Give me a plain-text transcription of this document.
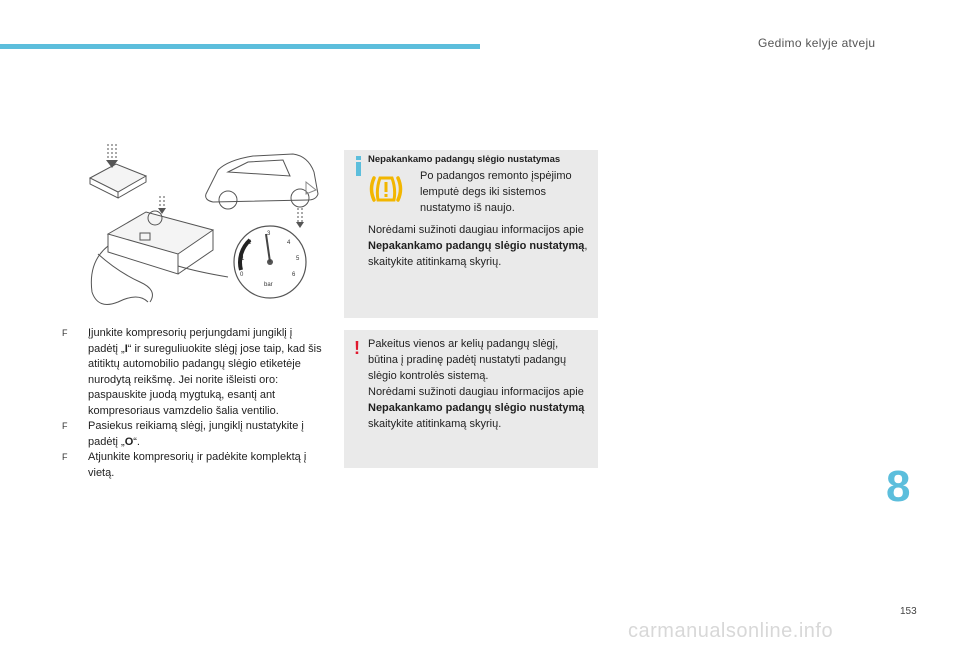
Gedimo kelyje atveju
0
1
2
3
4
5
6
bar

F Įjunkite kompresorių perjungdami jungiklį į padėtį „I“ ir sureguliuokite slėgį jose taip, kad šis atitiktų automobilio padangų slėgio etiketėje nurodytą reikšmę. Jei norite išleisti oro: paspauskite juodą mygtuką, esantį ant kompresoriaus vamzdelio šalia ventilio.

F Pasiekus reikiamą slėgį, jungiklį nustatykite į padėtį „O“.

F Atjunkite kompresorių ir padėkite komplektą į vietą.

Nepakankamo padangų slėgio nustatymas
Po padangos remonto įspėjimo
lemputė degs iki sistemos
nustatymo iš naujo.
Norėdami sužinoti daugiau informacijos apie Nepakankamo padangų slėgio nustatymą, skaitykite atitinkamą skyrių.
! Pakeitus vienos ar kelių padangų slėgį, būtina į pradinę padėtį nustatyti padangų slėgio kontrolės sistemą.
Norėdami sužinoti daugiau informacijos apie Nepakankamo padangų slėgio nustatymą skaitykite atitinkamą skyrių.
8
153
carmanualsonline.info
